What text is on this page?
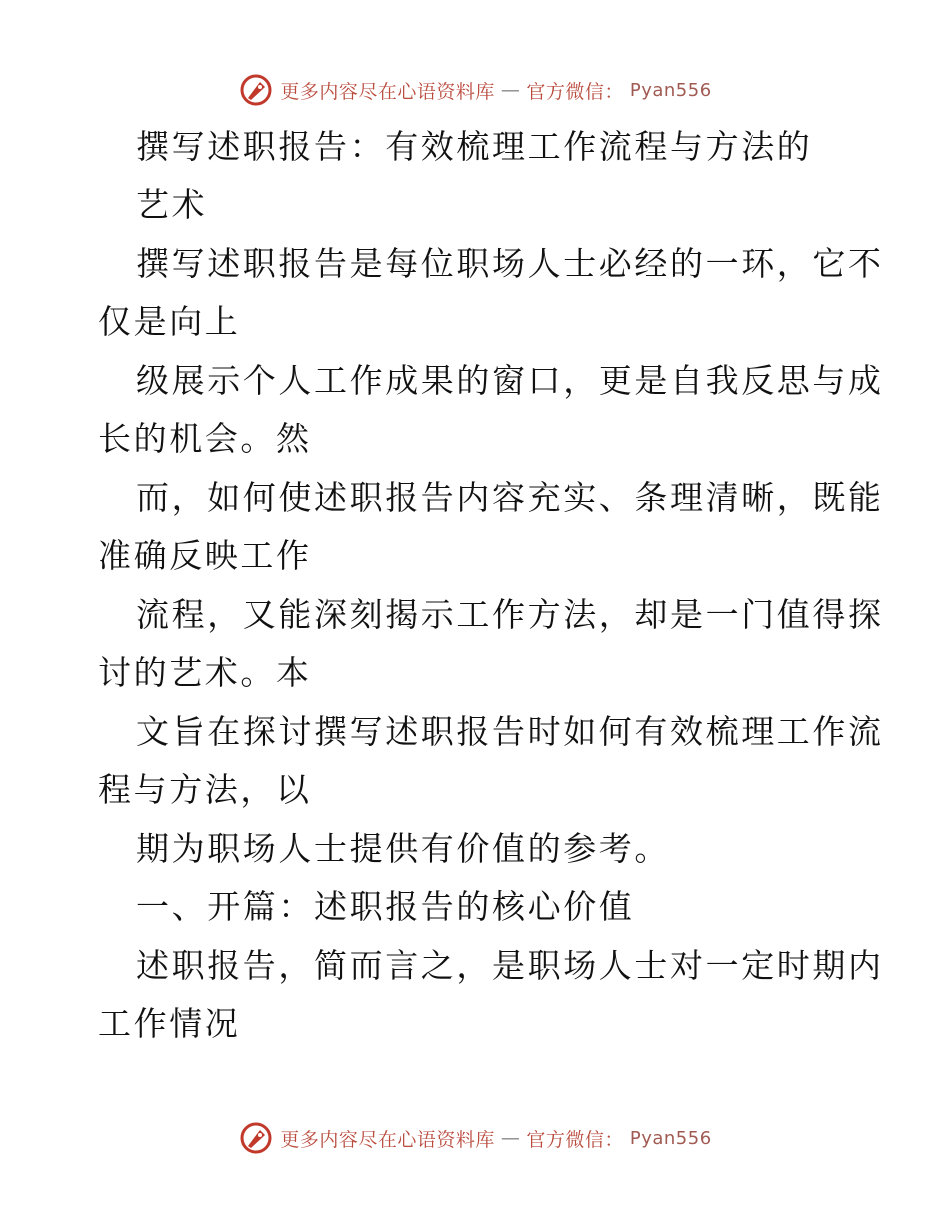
更多内容尽在心语资料库 — 官方微信： Pyan556
撰写述职报告：有效梳理工作流程与方法的
艺术
撰写述职报告是每位职场人士必经的一环，它不
仅是向上
级展示个人工作成果的窗口，更是自我反思与成
长的机会。然
而，如何使述职报告内容充实、条理清晰，既能
准确反映工作
流程，又能深刻揭示工作方法，却是一门值得探
讨的艺术。本
文旨在探讨撰写述职报告时如何有效梳理工作流
程与方法，以
期为职场人士提供有价值的参考。
一、开篇：述职报告的核心价值
述职报告，简而言之，是职场人士对一定时期内
工作情况
更多内容尽在心语资料库 — 官方微信： Pyan556
